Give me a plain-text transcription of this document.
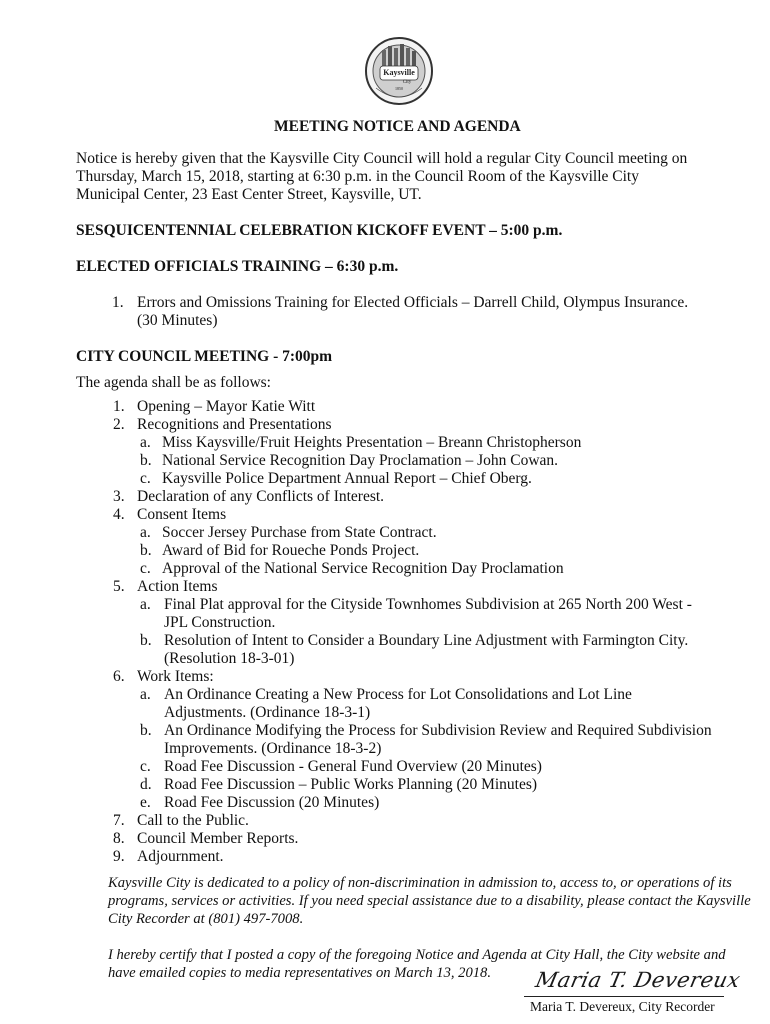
Kaysville
City
1850
MEETING NOTICE AND AGENDA
Notice is hereby given that the Kaysville City Council will hold a regular City Council meeting on
Thursday, March 15, 2018, starting at 6:30 p.m. in the Council Room of the Kaysville City
Municipal Center, 23 East Center Street, Kaysville, UT.
SESQUICENTENNIAL CELEBRATION KICKOFF EVENT – 5:00 p.m.
ELECTED OFFICIALS TRAINING – 6:30 p.m.
1. Errors and Omissions Training for Elected Officials – Darrell Child, Olympus Insurance.
(30 Minutes)
CITY COUNCIL MEETING - 7:00pm
The agenda shall be as follows:
1. Opening – Mayor Katie Witt
2. Recognitions and Presentations
a. Miss Kaysville/Fruit Heights Presentation – Breann Christopherson
b. National Service Recognition Day Proclamation – John Cowan.
c. Kaysville Police Department Annual Report – Chief Oberg.
3. Declaration of any Conflicts of Interest.
4. Consent Items
a. Soccer Jersey Purchase from State Contract.
b. Award of Bid for Roueche Ponds Project.
c. Approval of the National Service Recognition Day Proclamation
5. Action Items
a. Final Plat approval for the Cityside Townhomes Subdivision at 265 North 200 West -
JPL Construction.
b. Resolution of Intent to Consider a Boundary Line Adjustment with Farmington City.
(Resolution 18-3-01)
6. Work Items:
a. An Ordinance Creating a New Process for Lot Consolidations and Lot Line
Adjustments. (Ordinance 18-3-1)
b. An Ordinance Modifying the Process for Subdivision Review and Required Subdivision
Improvements. (Ordinance 18-3-2)
c. Road Fee Discussion - General Fund Overview (20 Minutes)
d. Road Fee Discussion – Public Works Planning (20 Minutes)
e. Road Fee Discussion (20 Minutes)
7. Call to the Public.
8. Council Member Reports.
9. Adjournment.
Kaysville City is dedicated to a policy of non-discrimination in admission to, access to, or operations of its
programs, services or activities. If you need special assistance due to a disability, please contact the Kaysville
City Recorder at (801) 497-7008.
I hereby certify that I posted a copy of the foregoing Notice and Agenda at City Hall, the City website and
have emailed copies to media representatives on March 13, 2018. Maria T. Devereux
Maria T. Devereux, City Recorder
